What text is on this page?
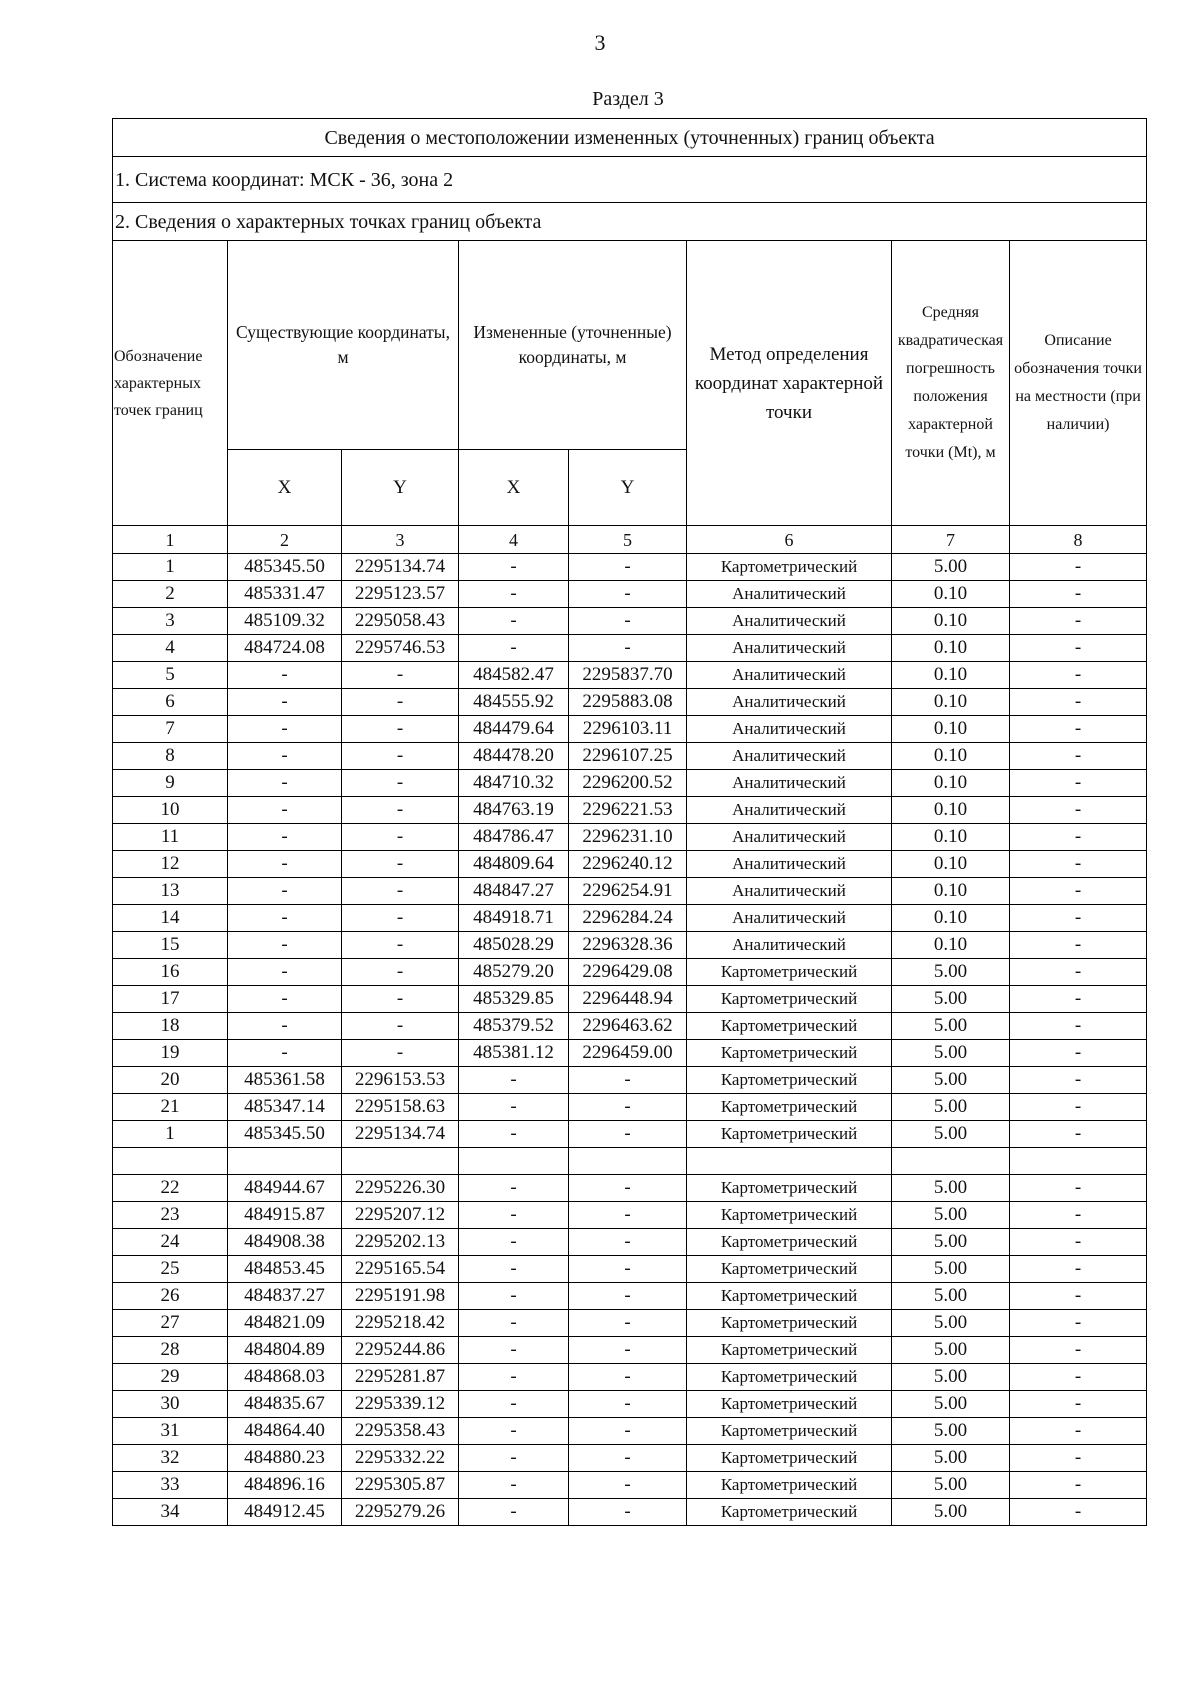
3
Раздел 3
Сведения о местоположении измененных (уточненных) границ объекта							
1. Система координат: МСК - 36, зона 2							
2. Сведения о характерных точках границ объекта							
Обозначение характерных точек границ	Существующие координаты, м		Измененные (уточненные) координаты, м		Метод определения координат характерной точки	Средняя квадратическая погрешность положения характерной точки (Mt), м	Описание обозначения точки на местности (при наличии)
	X	Y	X	Y			
1	2	3	4	5	6	7	8
1	485345.50	2295134.74	-	-	Картометрический	5.00	-
2	485331.47	2295123.57	-	-	Аналитический	0.10	-
3	485109.32	2295058.43	-	-	Аналитический	0.10	-
4	484724.08	2295746.53	-	-	Аналитический	0.10	-
5	-	-	484582.47	2295837.70	Аналитический	0.10	-
6	-	-	484555.92	2295883.08	Аналитический	0.10	-
7	-	-	484479.64	2296103.11	Аналитический	0.10	-
8	-	-	484478.20	2296107.25	Аналитический	0.10	-
9	-	-	484710.32	2296200.52	Аналитический	0.10	-
10	-	-	484763.19	2296221.53	Аналитический	0.10	-
11	-	-	484786.47	2296231.10	Аналитический	0.10	-
12	-	-	484809.64	2296240.12	Аналитический	0.10	-
13	-	-	484847.27	2296254.91	Аналитический	0.10	-
14	-	-	484918.71	2296284.24	Аналитический	0.10	-
15	-	-	485028.29	2296328.36	Аналитический	0.10	-
16	-	-	485279.20	2296429.08	Картометрический	5.00	-
17	-	-	485329.85	2296448.94	Картометрический	5.00	-
18	-	-	485379.52	2296463.62	Картометрический	5.00	-
19	-	-	485381.12	2296459.00	Картометрический	5.00	-
20	485361.58	2296153.53	-	-	Картометрический	5.00	-
21	485347.14	2295158.63	-	-	Картометрический	5.00	-
1	485345.50	2295134.74	-	-	Картометрический	5.00	-

22	484944.67	2295226.30	-	-	Картометрический	5.00	-
23	484915.87	2295207.12	-	-	Картометрический	5.00	-
24	484908.38	2295202.13	-	-	Картометрический	5.00	-
25	484853.45	2295165.54	-	-	Картометрический	5.00	-
26	484837.27	2295191.98	-	-	Картометрический	5.00	-
27	484821.09	2295218.42	-	-	Картометрический	5.00	-
28	484804.89	2295244.86	-	-	Картометрический	5.00	-
29	484868.03	2295281.87	-	-	Картометрический	5.00	-
30	484835.67	2295339.12	-	-	Картометрический	5.00	-
31	484864.40	2295358.43	-	-	Картометрический	5.00	-
32	484880.23	2295332.22	-	-	Картометрический	5.00	-
33	484896.16	2295305.87	-	-	Картометрический	5.00	-
34	484912.45	2295279.26	-	-	Картометрический	5.00	-
